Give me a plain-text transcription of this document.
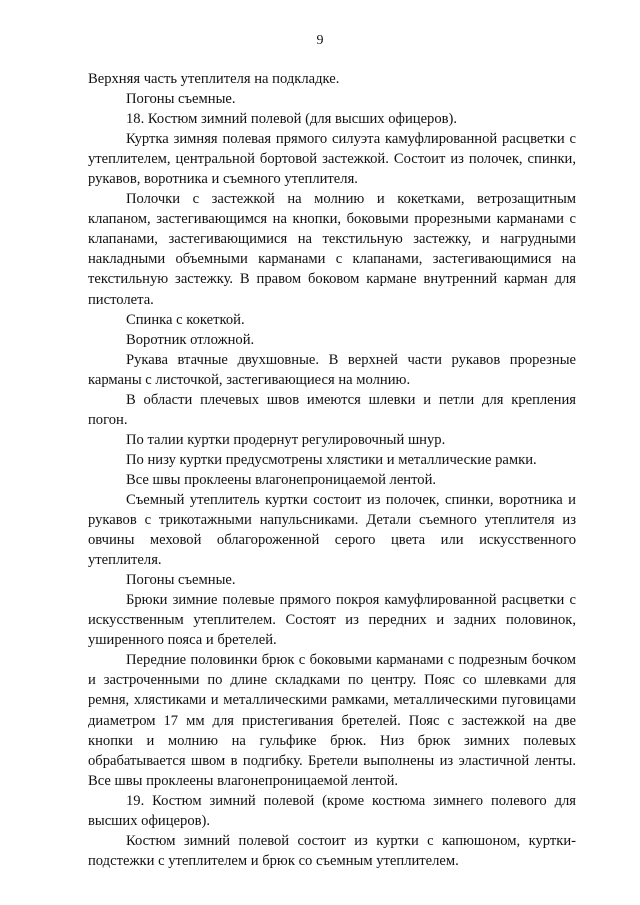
9

Верхняя часть утеплителя на подкладке.

Погоны съемные.

18. Костюм зимний полевой (для высших офицеров).

Куртка зимняя полевая прямого силуэта камуфлированной расцветки с утеплителем, центральной бортовой застежкой. Состоит из полочек, спинки, рукавов, воротника и съемного утеплителя.

Полочки с застежкой на молнию и кокетками, ветрозащитным клапаном, застегивающимся на кнопки, боковыми прорезными карманами с клапанами, застегивающимися на текстильную застежку, и нагрудными накладными объемными карманами с клапанами, застегивающимися на текстильную застежку. В правом боковом кармане внутренний карман для пистолета.

Спинка с кокеткой.

Воротник отложной.

Рукава втачные двухшовные. В верхней части рукавов прорезные карманы с листочкой, застегивающиеся на молнию.

В области плечевых швов имеются шлевки и петли для крепления погон.

По талии куртки продернут регулировочный шнур.

По низу куртки предусмотрены хлястики и металлические рамки.

Все швы проклеены влагонепроницаемой лентой.

Съемный утеплитель куртки состоит из полочек, спинки, воротника и рукавов с трикотажными напульсниками. Детали съемного утеплителя из овчины меховой облагороженной серого цвета или искусственного утеплителя.

Погоны съемные.

Брюки зимние полевые прямого покроя камуфлированной расцветки с искусственным утеплителем. Состоят из передних и задних половинок, уширенного пояса и бретелей.

Передние половинки брюк с боковыми карманами с подрезным бочком и застроченными по длине складками по центру. Пояс со шлевками для ремня, хлястиками и металлическими рамками, металлическими пуговицами диаметром 17 мм для пристегивания бретелей. Пояс с застежкой на две кнопки и молнию на гульфике брюк. Низ брюк зимних полевых обрабатывается швом в подгибку. Бретели выполнены из эластичной ленты. Все швы проклеены влагонепроницаемой лентой.

19. Костюм зимний полевой (кроме костюма зимнего полевого для высших офицеров).

Костюм зимний полевой состоит из куртки с капюшоном, куртки-подстежки с утеплителем и брюк со съемным утеплителем.
